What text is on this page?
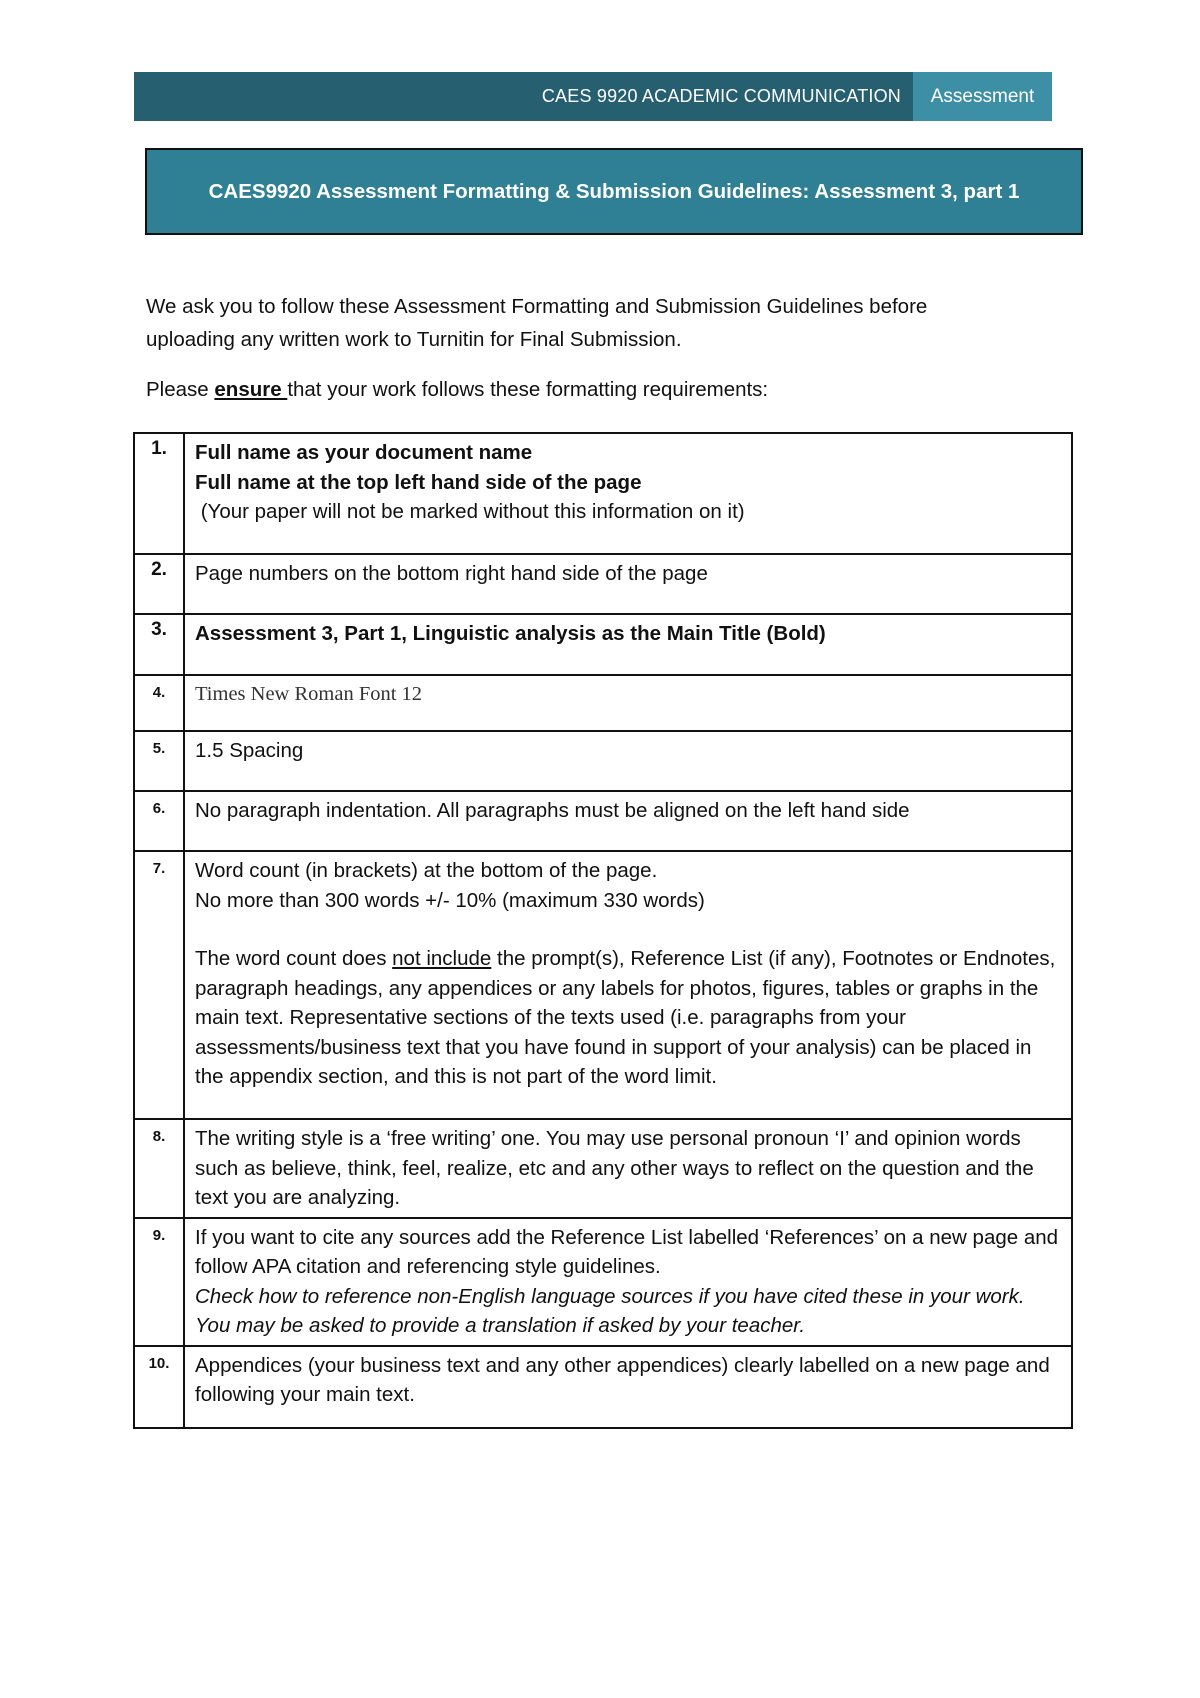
CAES 9920 ACADEMIC COMMUNICATION	Assessment
CAES9920 Assessment Formatting & Submission Guidelines: Assessment 3, part 1
We ask you to follow these Assessment Formatting and Submission Guidelines before
uploading any written work to Turnitin for Final Submission.
Please ensure that your work follows these formatting requirements:
1.	Full name as your document name
Full name at the top left hand side of the page
(Your paper will not be marked without this information on it)

2.	Page numbers on the bottom right hand side of the page
3.	Assessment 3, Part 1, Linguistic analysis as the Main Title (Bold)
4.	Times New Roman Font 12
5.	1.5 Spacing
6.	No paragraph indentation. All paragraphs must be aligned on the left hand side
7.	Word count (in brackets) at the bottom of the page.
No more than 300 words +/- 10% (maximum 330 words)
The word count does not include the prompt(s), Reference List (if any), Footnotes or Endnotes, paragraph headings, any appendices or any labels for photos, figures, tables or graphs in the main text. Representative sections of the texts used (i.e. paragraphs from your assessments/business text that you have found in support of your analysis) can be placed in the appendix section, and this is not part of the word limit.

8.	The writing style is a ‘free writing’ one. You may use personal pronoun ‘I’ and opinion words such as believe, think, feel, realize, etc and any other ways to reflect on the question and the text you are analyzing.
9.	If you want to cite any sources add the Reference List labelled ‘References’ on a new page and follow APA citation and referencing style guidelines.
Check how to reference non-English language sources if you have cited these in your work. You may be asked to provide a translation if asked by your teacher.

10.	Appendices (your business text and any other appendices) clearly labelled on a new page and following your main text.
